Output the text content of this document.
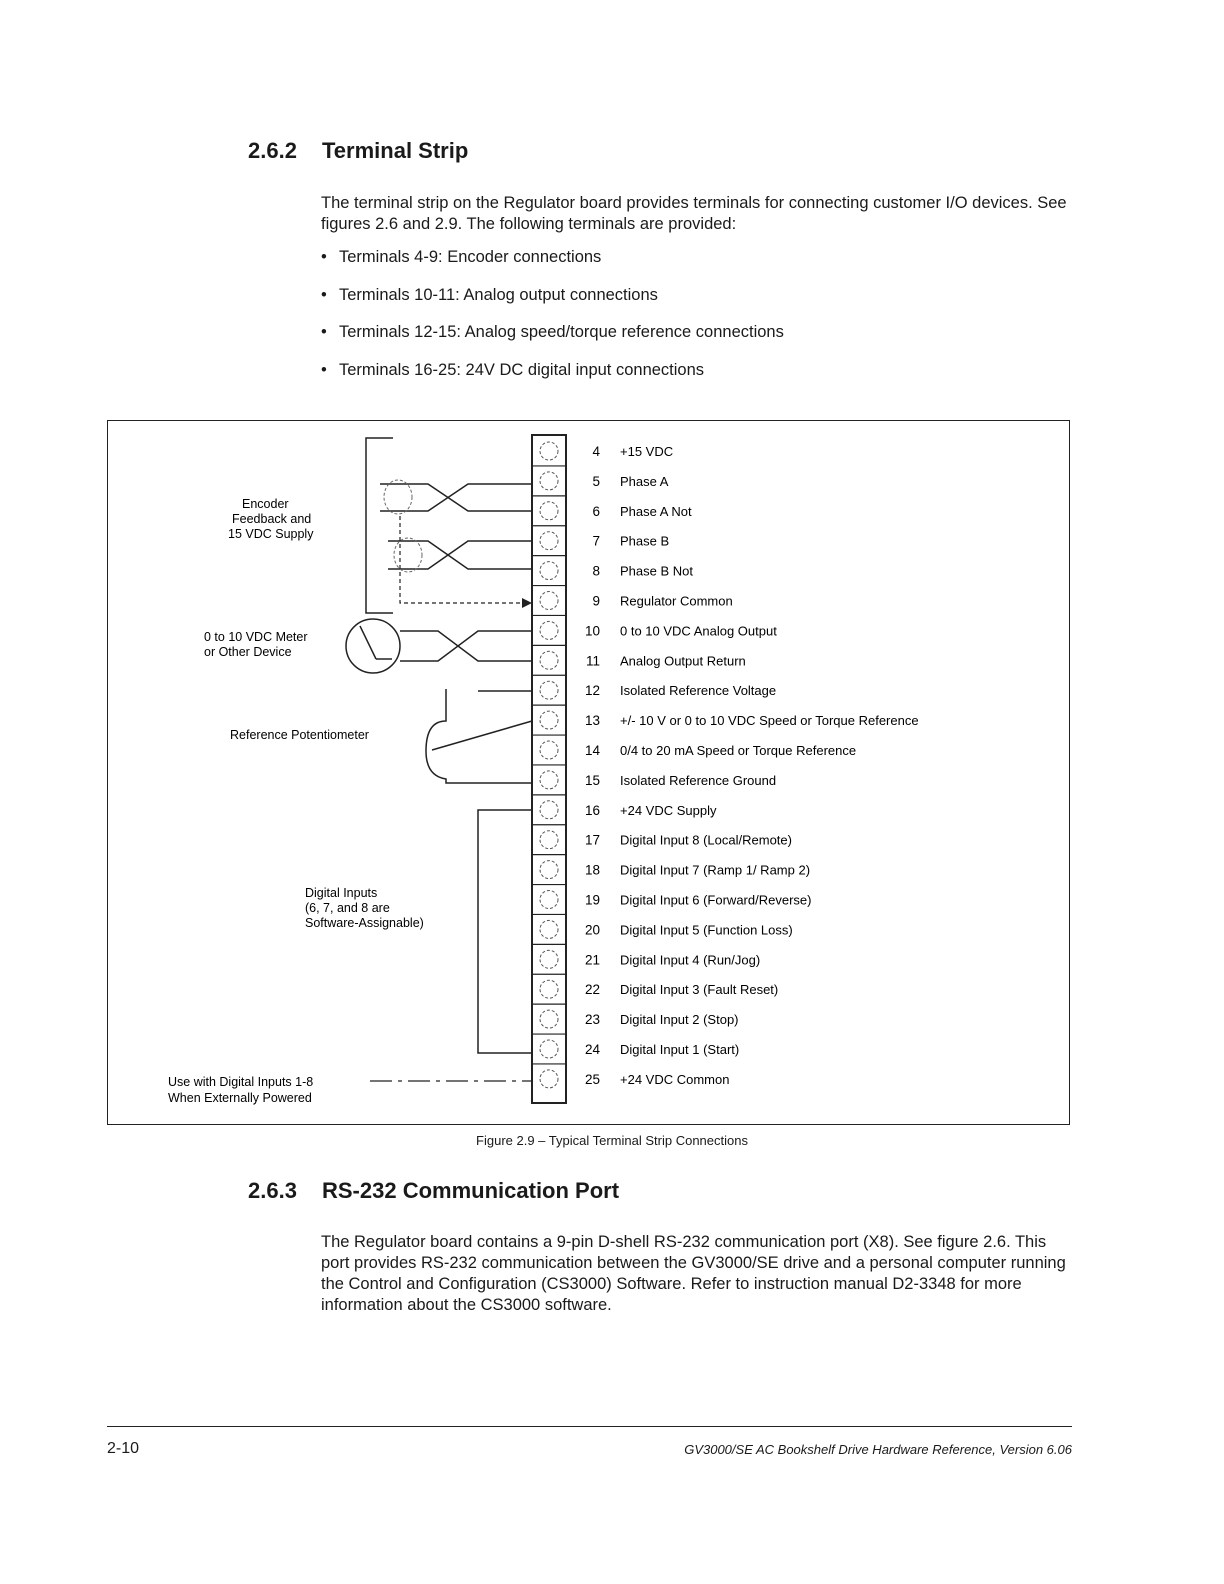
2.6.2 Terminal Strip
The terminal strip on the Regulator board provides terminals for connecting customer I/O devices. See figures 2.6 and 2.9. The following terminals are provided:
• Terminals 4-9: Encoder connections
• Terminals 10-11: Analog output connections
• Terminals 12-15: Analog speed/torque reference connections
• Terminals 16-25: 24V DC digital input connections
4 +15 VDC
5 Phase A
6 Phase A Not
7 Phase B
8 Phase B Not
9 Regulator Common
10 0 to 10 VDC Analog Output
11 Analog Output Return
12 Isolated Reference Voltage
13 +/- 10 V or 0 to 10 VDC Speed or Torque Reference
14 0/4 to 20 mA Speed or Torque Reference
15 Isolated Reference Ground
16 +24 VDC Supply
17 Digital Input 8 (Local/Remote)
18 Digital Input 7 (Ramp 1/ Ramp 2)
19 Digital Input 6 (Forward/Reverse)
20 Digital Input 5 (Function Loss)
21 Digital Input 4 (Run/Jog)
22 Digital Input 3 (Fault Reset)
23 Digital Input 2 (Stop)
24 Digital Input 1 (Start)
25 +24 VDC Common
Encoder Feedback and 15 VDC Supply
0 to 10 VDC Meter or Other Device
Reference Potentiometer
Digital Inputs (6, 7, and 8 are Software-Assignable)
Use with Digital Inputs 1-8 When Externally Powered
Figure 2.9 – Typical Terminal Strip Connections
2.6.3 RS-232 Communication Port
The Regulator board contains a 9-pin D-shell RS-232 communication port (X8). See figure 2.6. This port provides RS-232 communication between the GV3000/SE drive and a personal computer running the Control and Configuration (CS3000) Software. Refer to instruction manual D2-3348 for more information about the CS3000 software.
2-10	GV3000/SE AC Bookshelf Drive Hardware Reference, Version 6.06
